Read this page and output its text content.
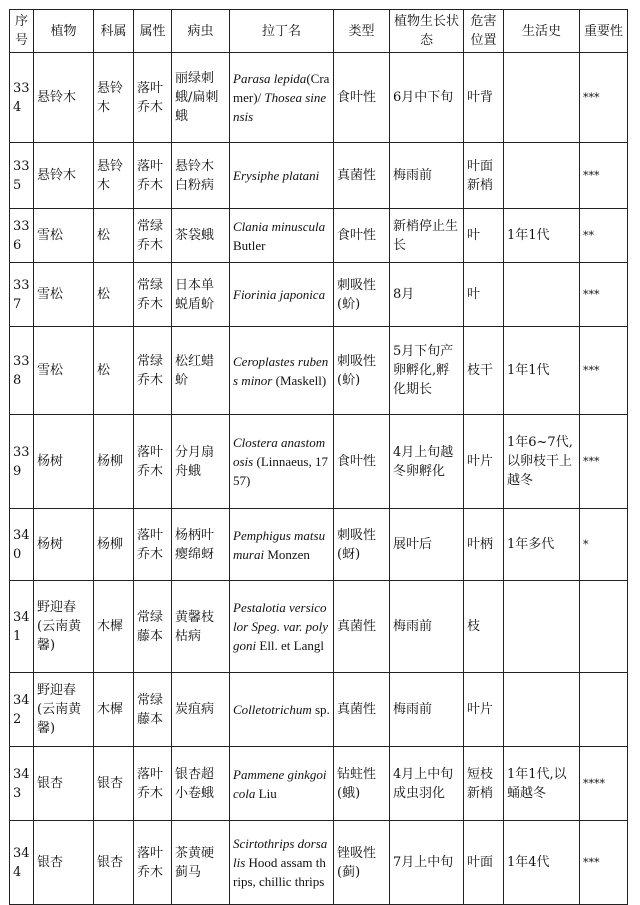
序号	植物	科属	属性	病虫	拉丁名	类型	植物生长状态	危害位置	生活史	重要性
334	悬铃木	悬铃木	落叶乔木	丽绿刺蛾/扁刺蛾	Parasa lepida(Cramer)/ Thosea sinensis	食叶性	6月中下旬	叶背		***
335	悬铃木	悬铃木	落叶乔木	悬铃木白粉病	Erysiphe platani	真菌性	梅雨前	叶面新梢		***
336	雪松	松	常绿乔木	茶袋蛾	Clania minuscula Butler	食叶性	新梢停止生长	叶	1年1代	**
337	雪松	松	常绿乔木	日本单蜕盾蚧	Fiorinia japonica	刺吸性(蚧)	8月	叶		***
338	雪松	松	常绿乔木	松红蜡蚧	Ceroplastes rubens minor (Maskell)	刺吸性(蚧)	5月下旬产卵孵化,孵化期长	枝干	1年1代	***
339	杨树	杨柳	落叶乔木	分月扇舟蛾	Clostera anastomosis (Linnaeus, 1757)	食叶性	4月上旬越冬卵孵化	叶片	1年6~7代,以卵枝干上越冬	***
340	杨树	杨柳	落叶乔木	杨柄叶瘿绵蚜	Pemphigus matsumurai Monzen	刺吸性(蚜)	展叶后	叶柄	1年多代	*
341	野迎春(云南黄馨)	木樨	常绿藤本	黄馨枝枯病	Pestalotia versicolor Speg. var. polygoni Ell. et Langl	真菌性	梅雨前	枝		
342	野迎春(云南黄馨)	木樨	常绿藤本	炭疽病	Colletotrichum sp.	真菌性	梅雨前	叶片		
343	银杏	银杏	落叶乔木	银杏超小卷蛾	Pammene ginkgoicola Liu	钻蛀性(蛾)	4月上中旬成虫羽化	短枝新梢	1年1代,以蛹越冬	****
344	银杏	银杏	落叶乔木	茶黄硬蓟马	Scirtothrips dorsalis Hood assam thrips, chillic thrips	锉吸性(蓟)	7月上中旬	叶面	1年4代	***
